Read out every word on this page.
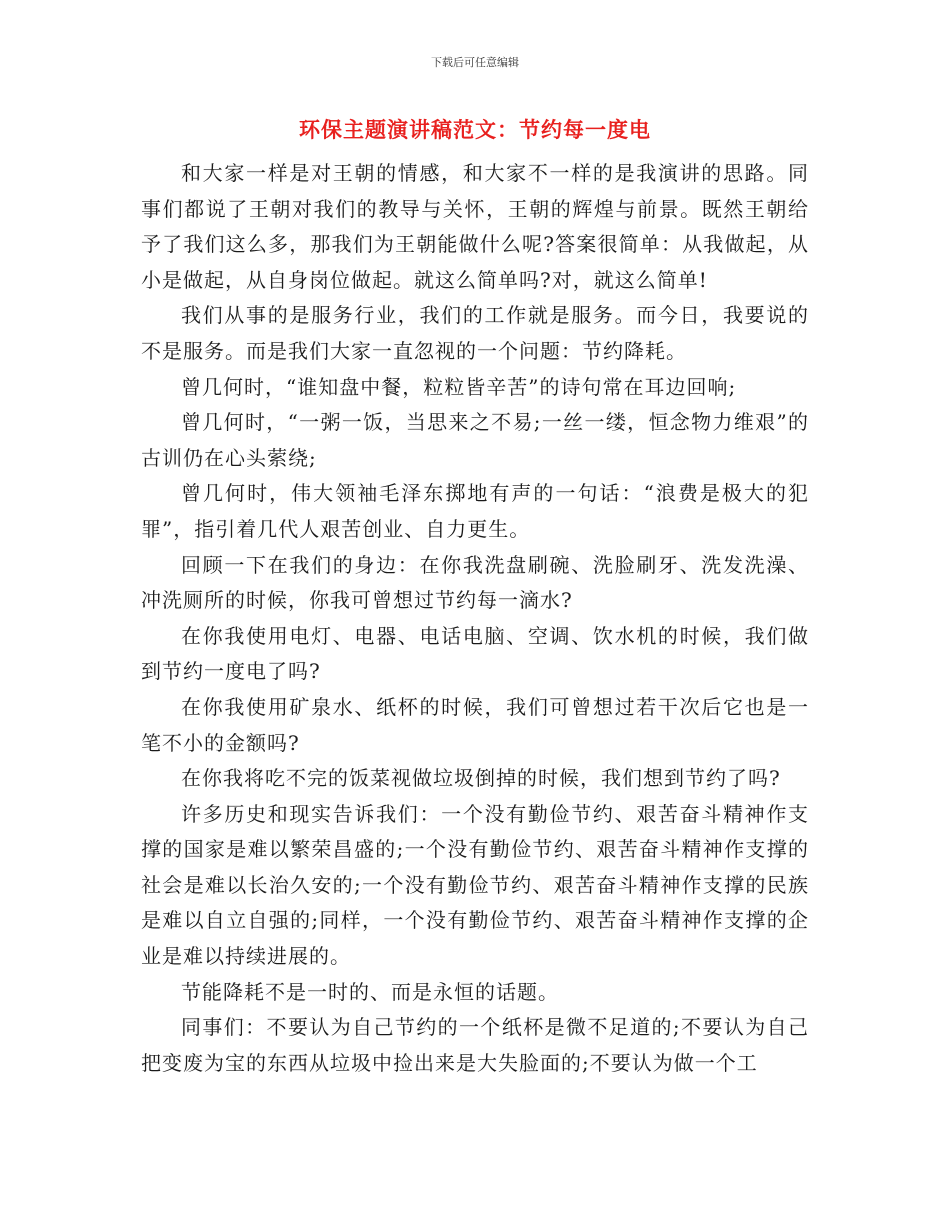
下载后可任意编辑
环保主题演讲稿范文：节约每一度电

和大家一样是对王朝的情感，和大家不一样的是我演讲的思路。同事们都说了王朝对我们的教导与关怀，王朝的辉煌与前景。既然王朝给予了我们这么多，那我们为王朝能做什么呢?答案很简单：从我做起，从小是做起，从自身岗位做起。就这么简单吗?对，就这么简单!

我们从事的是服务行业，我们的工作就是服务。而今日，我要说的不是服务。而是我们大家一直忽视的一个问题：节约降耗。

曾几何时，“谁知盘中餐，粒粒皆辛苦”的诗句常在耳边回响;

曾几何时，“一粥一饭，当思来之不易;一丝一缕，恒念物力维艰”的古训仍在心头萦绕;

曾几何时，伟大领袖毛泽东掷地有声的一句话：“浪费是极大的犯罪”，指引着几代人艰苦创业、自力更生。

回顾一下在我们的身边：在你我洗盘刷碗、洗脸刷牙、洗发洗澡、冲洗厕所的时候，你我可曾想过节约每一滴水?

在你我使用电灯、电器、电话电脑、空调、饮水机的时候，我们做到节约一度电了吗?

在你我使用矿泉水、纸杯的时候，我们可曾想过若干次后它也是一笔不小的金额吗?

在你我将吃不完的饭菜视做垃圾倒掉的时候，我们想到节约了吗?

许多历史和现实告诉我们：一个没有勤俭节约、艰苦奋斗精神作支撑的国家是难以繁荣昌盛的;一个没有勤俭节约、艰苦奋斗精神作支撑的社会是难以长治久安的;一个没有勤俭节约、艰苦奋斗精神作支撑的民族是难以自立自强的;同样，一个没有勤俭节约、艰苦奋斗精神作支撑的企业是难以持续进展的。

节能降耗不是一时的、而是永恒的话题。

同事们：不要认为自己节约的一个纸杯是微不足道的;不要认为自己把变废为宝的东西从垃圾中捡出来是大失脸面的;不要认为做一个工
